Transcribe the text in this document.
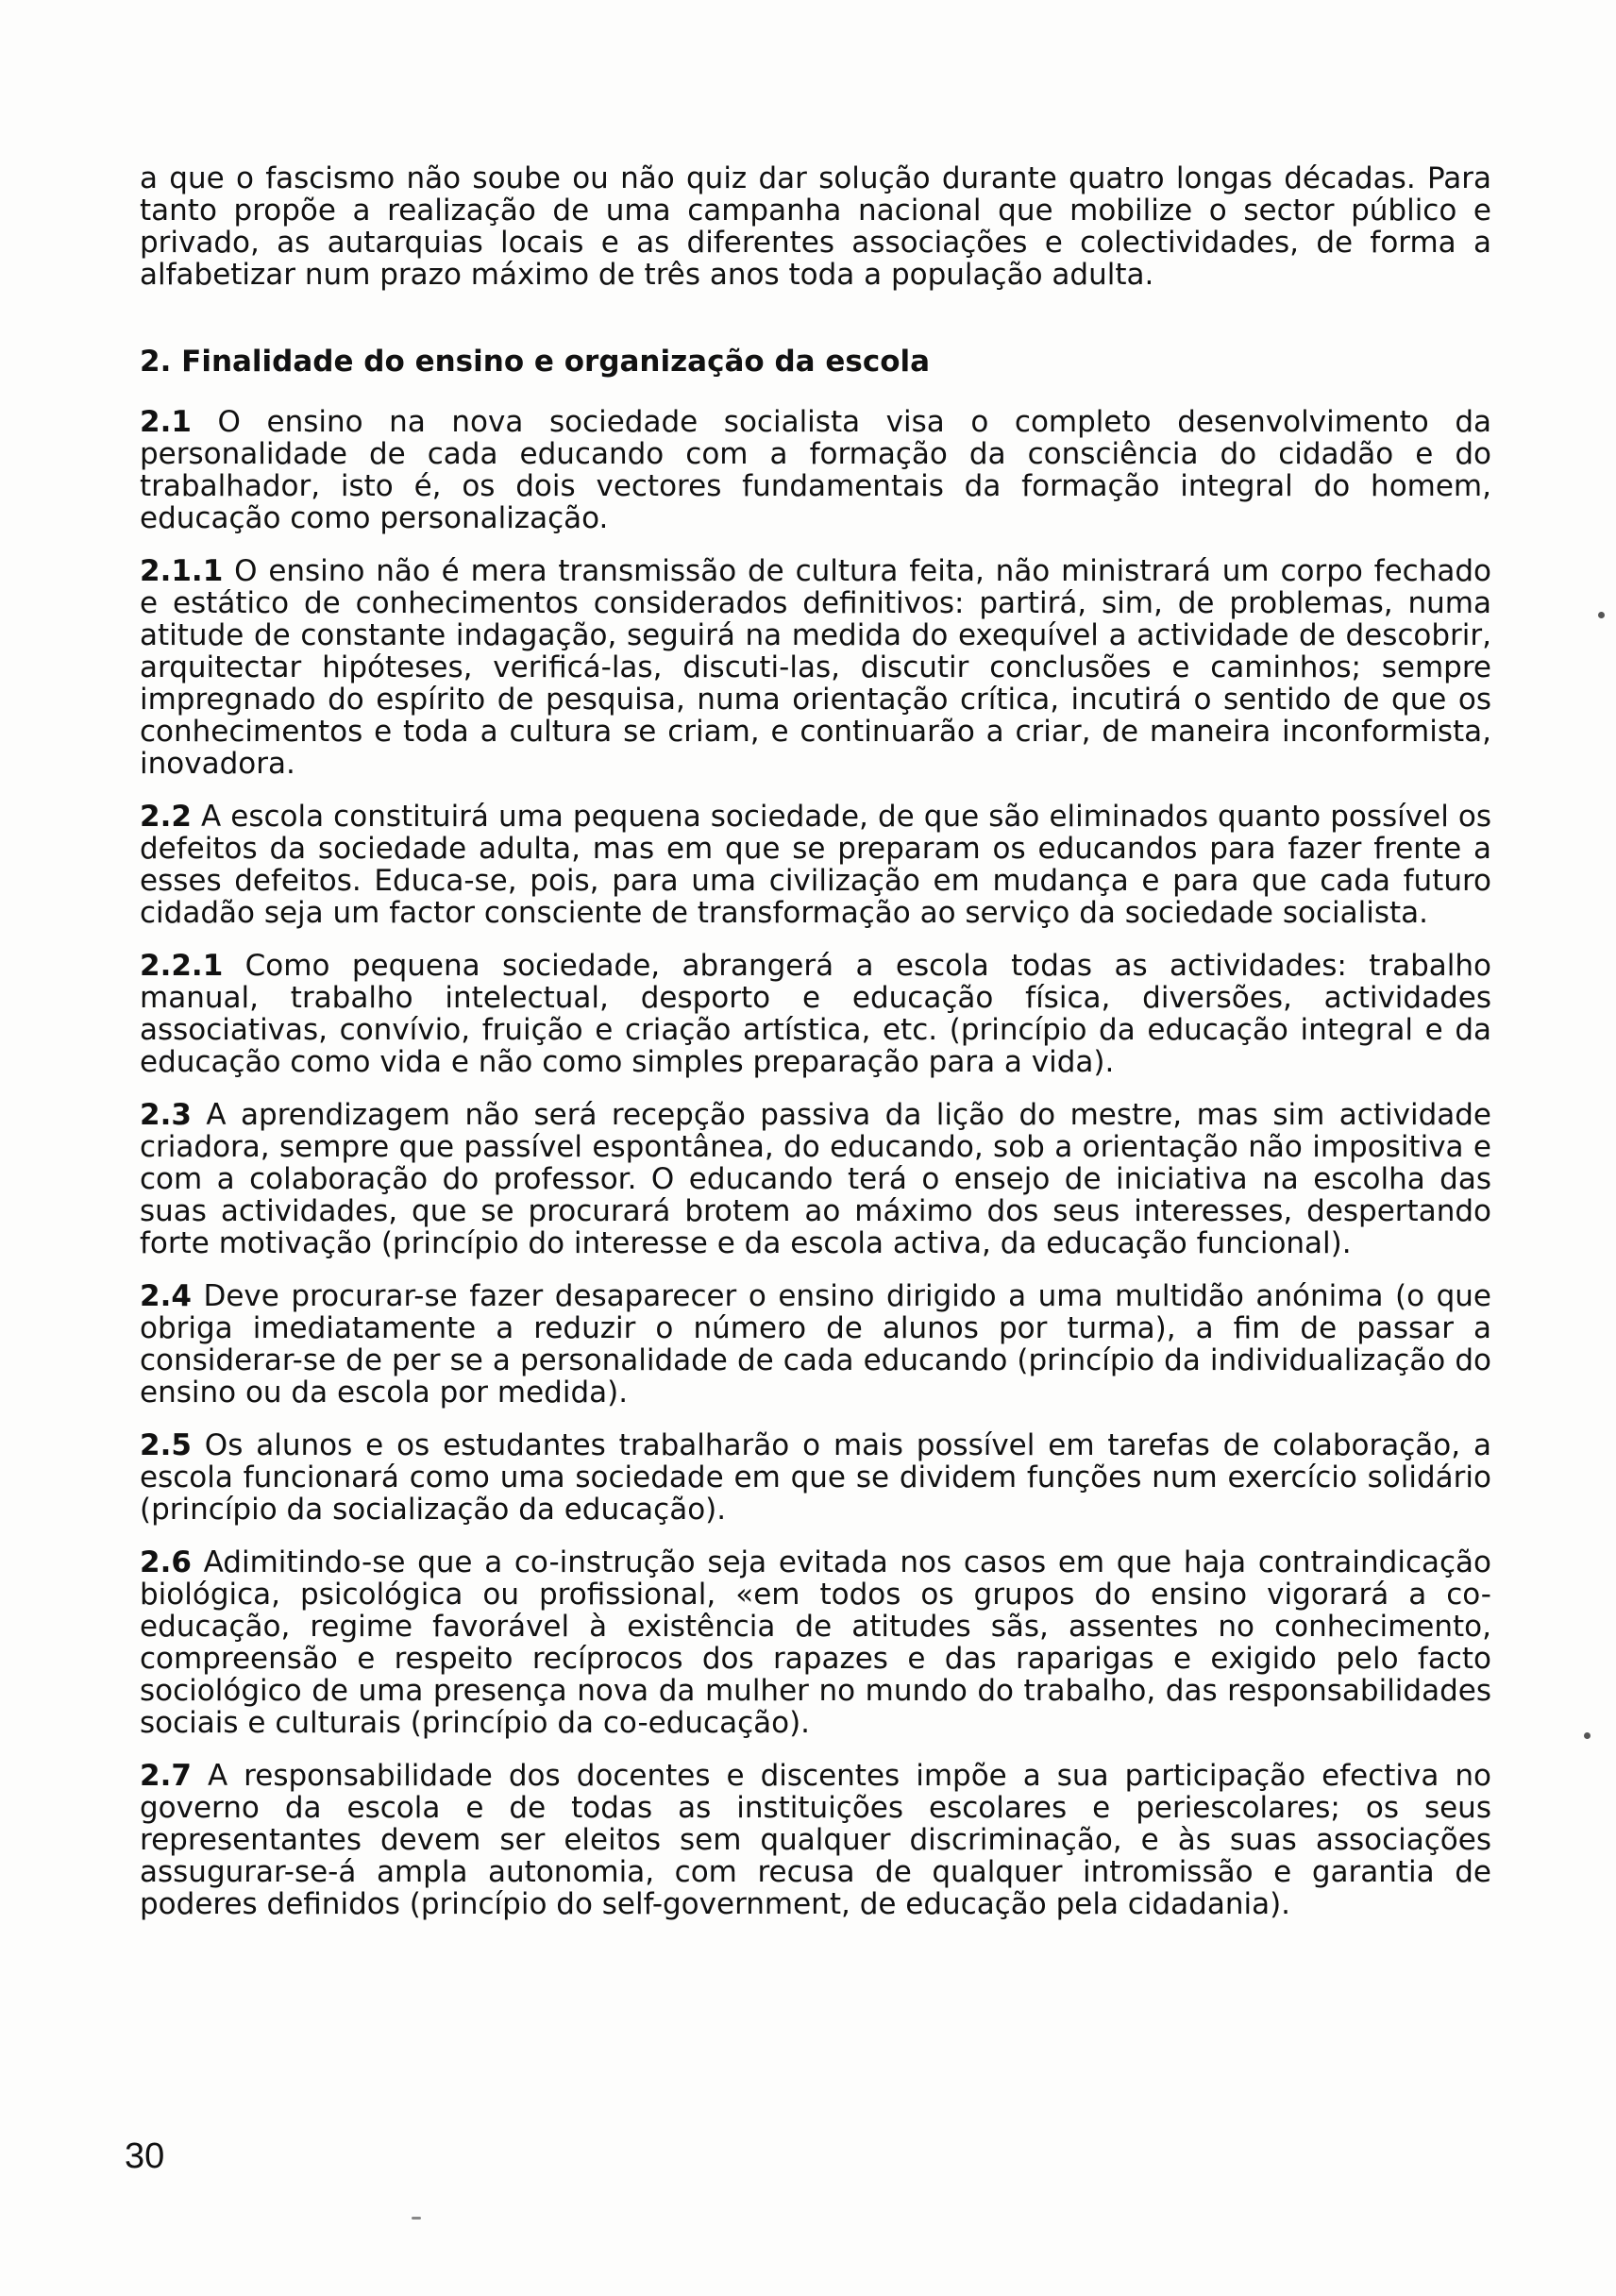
a que o fascismo não soube ou não quiz dar solução durante quatro longas décadas. Para tanto propõe a realização de uma campanha nacional que mobilize o sector público e privado, as autarquias locais e as diferentes associações e colectividades, de forma a alfabetizar num prazo máximo de três anos toda a população adulta.

2. Finalidade do ensino e organização da escola

2.1 O ensino na nova sociedade socialista visa o completo desenvolvimento da personalidade de cada educando com a formação da consciência do cidadão e do trabalhador, isto é, os dois vectores fundamentais da formação integral do homem, educação como personalização.

2.1.1 O ensino não é mera transmissão de cultura feita, não ministrará um corpo fechado e estático de conhecimentos considerados definitivos: partirá, sim, de problemas, numa atitude de constante indagação, seguirá na medida do exequível a actividade de descobrir, arquitectar hipóteses, verificá-las, discuti-las, discutir conclusões e caminhos; sempre impregnado do espírito de pesquisa, numa orientação crítica, incutirá o sentido de que os conhecimentos e toda a cultura se criam, e continuarão a criar, de maneira inconformista, inovadora.

2.2 A escola constituirá uma pequena sociedade, de que são eliminados quanto possível os defeitos da sociedade adulta, mas em que se preparam os educandos para fazer frente a esses defeitos. Educa-se, pois, para uma civilização em mudança e para que cada futuro cidadão seja um factor consciente de transformação ao serviço da sociedade socialista.

2.2.1 Como pequena sociedade, abrangerá a escola todas as actividades: trabalho manual, trabalho intelectual, desporto e educação física, diversões, actividades associativas, convívio, fruição e criação artística, etc. (princípio da educação integral e da educação como vida e não como simples preparação para a vida).

2.3 A aprendizagem não será recepção passiva da lição do mestre, mas sim actividade criadora, sempre que passível espontânea, do educando, sob a orientação não impositiva e com a colaboração do professor. O educando terá o ensejo de iniciativa na escolha das suas actividades, que se procurará brotem ao máximo dos seus interesses, despertando forte motivação (princípio do interesse e da escola activa, da educação funcional).

2.4 Deve procurar-se fazer desaparecer o ensino dirigido a uma multidão anónima (o que obriga imediatamente a reduzir o número de alunos por turma), a fim de passar a considerar-se de per se a personalidade de cada educando (princípio da individualização do ensino ou da escola por medida).

2.5 Os alunos e os estudantes trabalharão o mais possível em tarefas de colaboração, a escola funcionará como uma sociedade em que se dividem funções num exercício solidário (princípio da socialização da educação).

2.6 Adimitindo-se que a co-instrução seja evitada nos casos em que haja contraindicação biológica, psicológica ou profissional, «em todos os grupos do ensino vigorará a co-educação, regime favorável à existência de atitudes sãs, assentes no conhecimento, compreensão e respeito recíprocos dos rapazes e das raparigas e exigido pelo facto sociológico de uma presença nova da mulher no mundo do trabalho, das responsabilidades sociais e culturais (princípio da co-educação).

2.7 A responsabilidade dos docentes e discentes impõe a sua participação efectiva no governo da escola e de todas as instituições escolares e periescolares; os seus representantes devem ser eleitos sem qualquer discriminação, e às suas associações assugurar-se-á ampla autonomia, com recusa de qualquer intromissão e garantia de poderes definidos (princípio do self-government, de educação pela cidadania).

30
